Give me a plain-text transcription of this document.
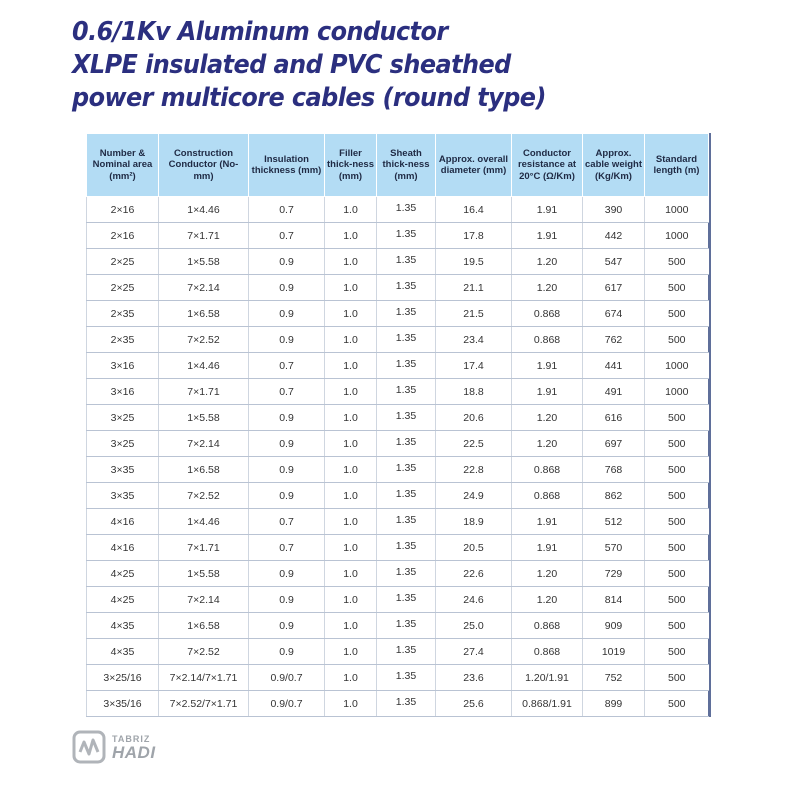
0.6/1Kv Aluminum conductor
XLPE insulated and PVC sheathed
power multicore cables (round type)
Number & Nominal area (mm²)	Construction Conductor (No-mm)	Insulation thickness (mm)	Filler thick-ness (mm)	Sheath thick-ness (mm)	Approx. overall diameter (mm)	Conductor resistance at 20°C (Ω/Km)	Approx. cable weight (Kg/Km)	Standard length (m)
2×16	1×4.46	0.7	1.0	1.35	16.4	1.91	390	1000
2×16	7×1.71	0.7	1.0	1.35	17.8	1.91	442	1000
2×25	1×5.58	0.9	1.0	1.35	19.5	1.20	547	500
2×25	7×2.14	0.9	1.0	1.35	21.1	1.20	617	500
2×35	1×6.58	0.9	1.0	1.35	21.5	0.868	674	500
2×35	7×2.52	0.9	1.0	1.35	23.4	0.868	762	500
3×16	1×4.46	0.7	1.0	1.35	17.4	1.91	441	1000
3×16	7×1.71	0.7	1.0	1.35	18.8	1.91	491	1000
3×25	1×5.58	0.9	1.0	1.35	20.6	1.20	616	500
3×25	7×2.14	0.9	1.0	1.35	22.5	1.20	697	500
3×35	1×6.58	0.9	1.0	1.35	22.8	0.868	768	500
3×35	7×2.52	0.9	1.0	1.35	24.9	0.868	862	500
4×16	1×4.46	0.7	1.0	1.35	18.9	1.91	512	500
4×16	7×1.71	0.7	1.0	1.35	20.5	1.91	570	500
4×25	1×5.58	0.9	1.0	1.35	22.6	1.20	729	500
4×25	7×2.14	0.9	1.0	1.35	24.6	1.20	814	500
4×35	1×6.58	0.9	1.0	1.35	25.0	0.868	909	500
4×35	7×2.52	0.9	1.0	1.35	27.4	0.868	1019	500
3×25/16	7×2.14/7×1.71	0.9/0.7	1.0	1.35	23.6	1.20/1.91	752	500
3×35/16	7×2.52/7×1.71	0.9/0.7	1.0	1.35	25.6	0.868/1.91	899	500
TABRIZ
HADI
